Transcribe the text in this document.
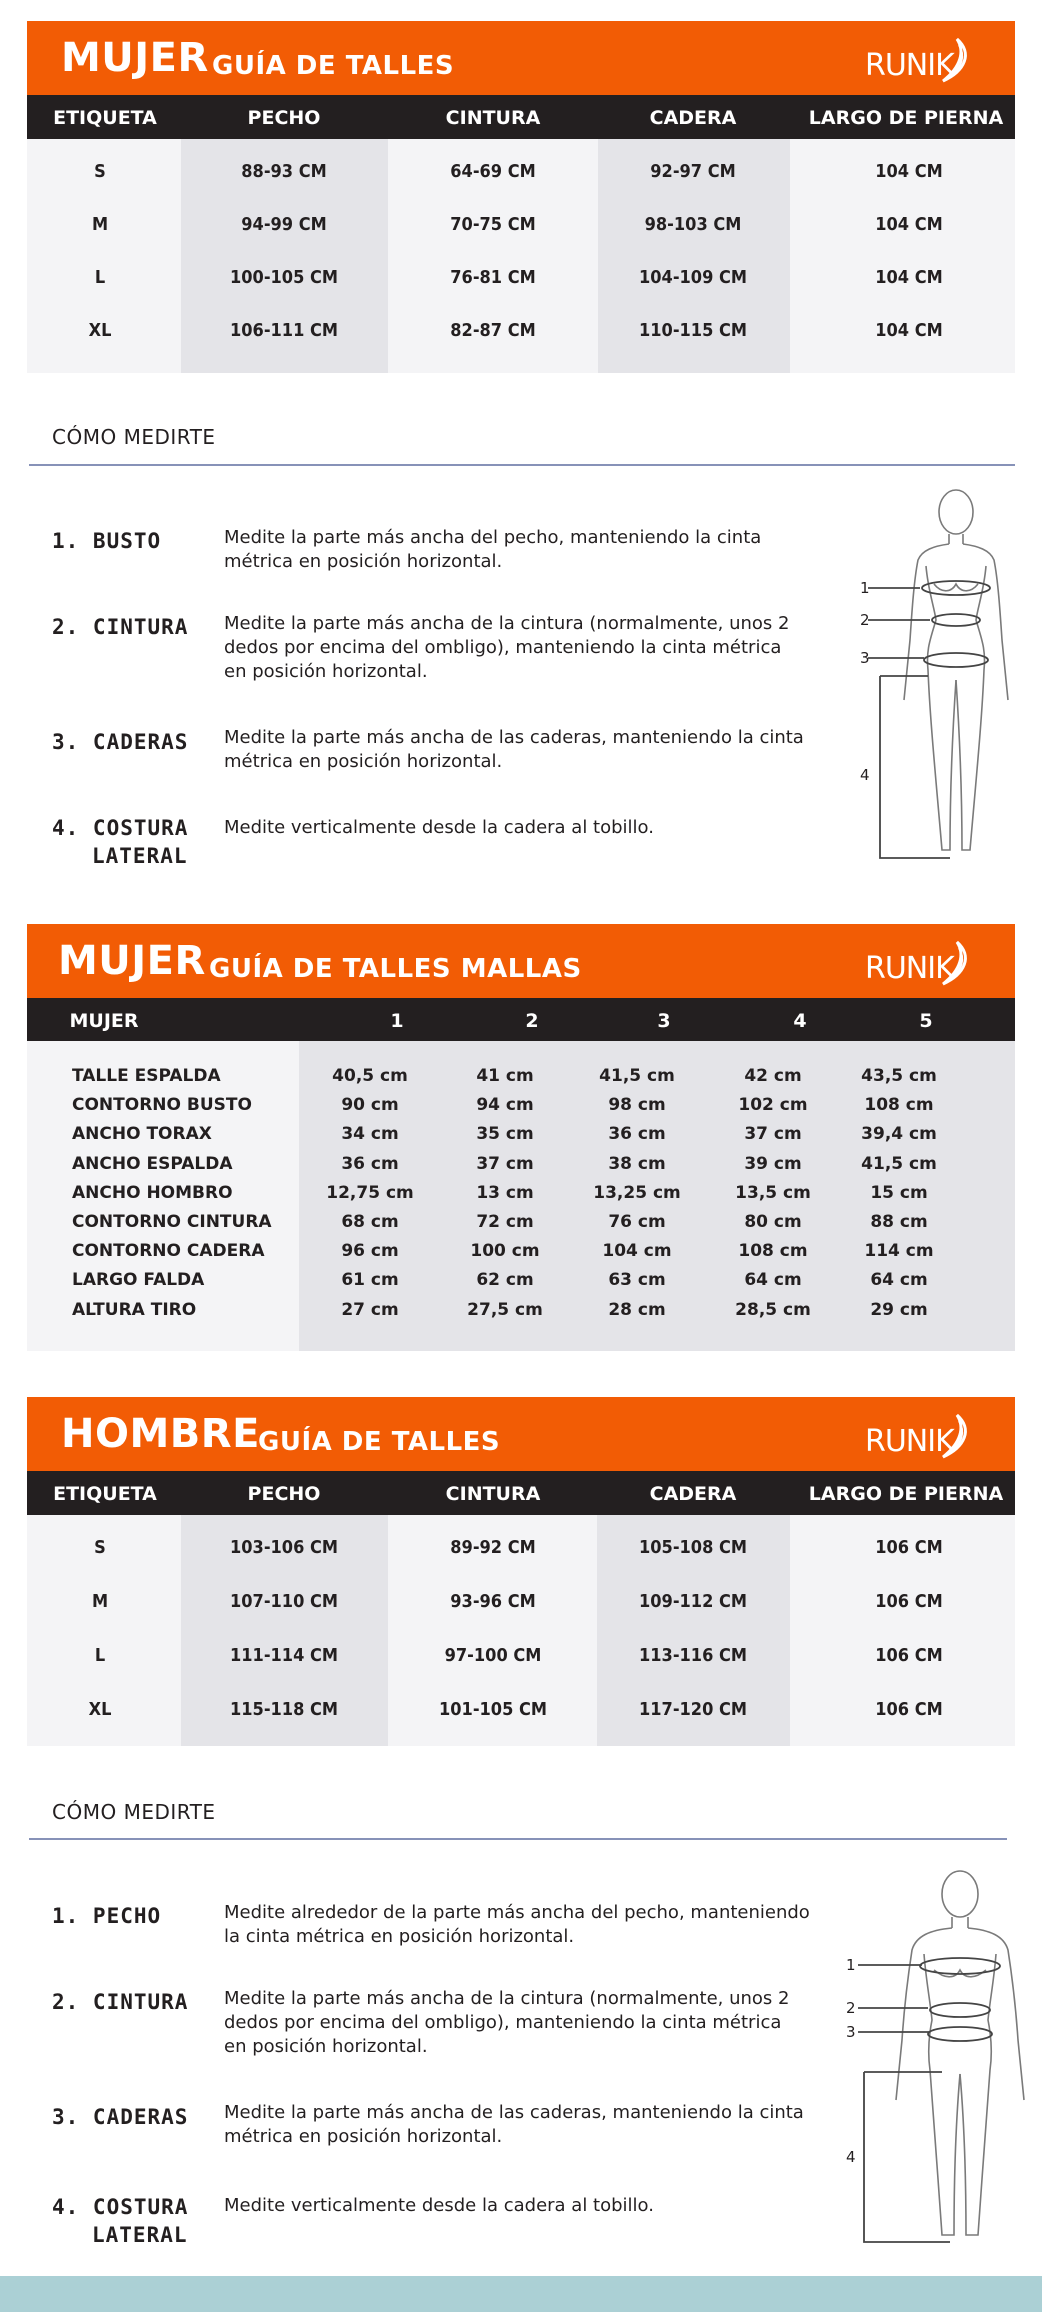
MUJER GUÍA DE TALLES	RUNIK
ETIQUETA	PECHO	CINTURA	CADERA	LARGO DE PIERNA
S	88-93 CM	64-69 CM	92-97 CM	104 CM
M	94-99 CM	70-75 CM	98-103 CM	104 CM
L	100-105 CM	76-81 CM	104-109 CM	104 CM
XL	106-111 CM	82-87 CM	110-115 CM	104 CM
CÓMO MEDIRTE
1. BUSTO	Medite la parte más ancha del pecho, manteniendo la cinta métrica en posición horizontal.
2. CINTURA Medite la parte más ancha de la cintura (normalmente, unos 2 dedos por encima del ombligo), manteniendo la cinta métrica en posición horizontal.
3. CADERAS Medite la parte más ancha de las caderas, manteniendo la cinta métrica en posición horizontal.
4. COSTURA
LATERAL
Medite verticalmente desde la cadera al tobillo.
1
2
3
4
MUJER GUÍA DE TALLES MALLAS	RUNIK
MUJER	1	2	3	4	5
TALLE ESPALDA	40,5 cm	41 cm	41,5 cm	42 cm	43,5 cm
CONTORNO BUSTO	90 cm	94 cm	98 cm	102 cm	108 cm
ANCHO TORAX	34 cm	35 cm	36 cm	37 cm	39,4 cm
ANCHO ESPALDA	36 cm	37 cm	38 cm	39 cm	41,5 cm
ANCHO HOMBRO	12,75 cm	13 cm	13,25 cm	13,5 cm	15 cm
CONTORNO CINTURA	68 cm	72 cm	76 cm	80 cm	88 cm
CONTORNO CADERA	96 cm	100 cm	104 cm	108 cm	114 cm
LARGO FALDA	61 cm	62 cm	63 cm	64 cm	64 cm
ALTURA TIRO	27 cm	27,5 cm	28 cm	28,5 cm	29 cm
HOMBRE
GUÍA DE TALLES	RUNIK
ETIQUETA	PECHO	CINTURA	CADERA	LARGO DE PIERNA
S	103-106 CM	89-92 CM	105-108 CM	106 CM
M	107-110 CM	93-96 CM	109-112 CM	106 CM
L	111-114 CM	97-100 CM	113-116 CM	106 CM
XL	115-118 CM	101-105 CM	117-120 CM	106 CM
CÓMO MEDIRTE
1. PECHO	Medite alrededor de la parte más ancha del pecho, manteniendo la cinta métrica en posición horizontal.
2. CINTURA Medite la parte más ancha de la cintura (normalmente, unos 2 dedos por encima del ombligo), manteniendo la cinta métrica en posición horizontal.
3. CADERAS Medite la parte más ancha de las caderas, manteniendo la cinta métrica en posición horizontal.
4. COSTURA
LATERAL
Medite verticalmente desde la cadera al tobillo.
1
2
3
4
